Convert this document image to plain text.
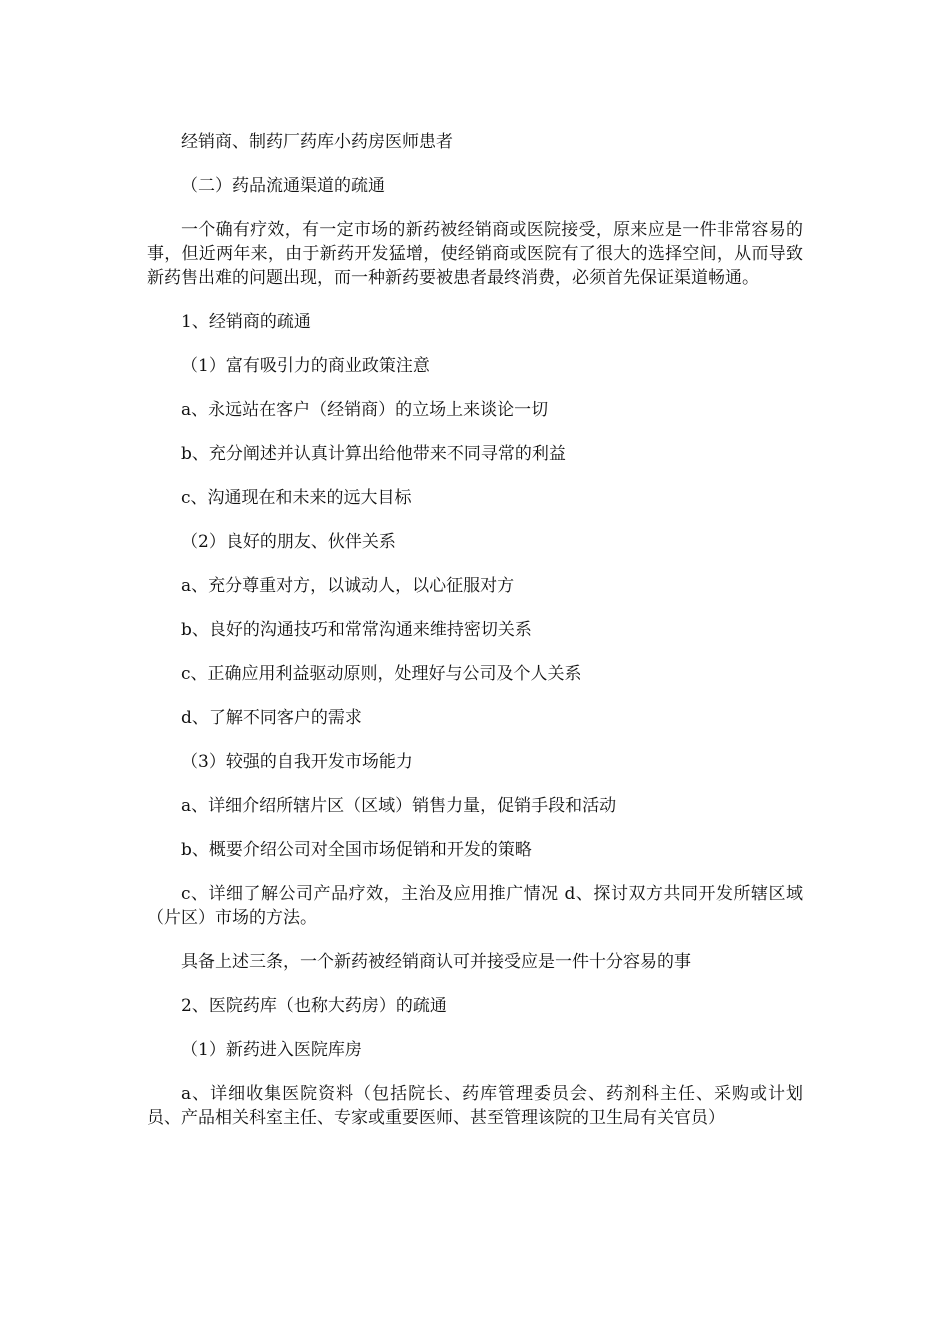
经销商、制药厂药库小药房医师患者

（二）药品流通渠道的疏通

一个确有疗效，有一定市场的新药被经销商或医院接受，原来应是一件非常容易的事，但近两年来，由于新药开发猛增，使经销商或医院有了很大的选择空间，从而导致新药售出难的问题出现，而一种新药要被患者最终消费，必须首先保证渠道畅通。

1、经销商的疏通

（1）富有吸引力的商业政策注意

a、永远站在客户（经销商）的立场上来谈论一切

b、充分阐述并认真计算出给他带来不同寻常的利益

c、沟通现在和未来的远大目标

（2）良好的朋友、伙伴关系

a、充分尊重对方，以诚动人，以心征服对方

b、良好的沟通技巧和常常沟通来维持密切关系

c、正确应用利益驱动原则，处理好与公司及个人关系

d、了解不同客户的需求

（3）较强的自我开发市场能力

a、详细介绍所辖片区（区域）销售力量，促销手段和活动

b、概要介绍公司对全国市场促销和开发的策略

c、详细了解公司产品疗效，主治及应用推广情况 d、探讨双方共同开发所辖区域（片区）市场的方法。

具备上述三条，一个新药被经销商认可并接受应是一件十分容易的事

2、医院药库（也称大药房）的疏通

（1）新药进入医院库房

a、详细收集医院资料（包括院长、药库管理委员会、药剂科主任、采购或计划员、产品相关科室主任、专家或重要医师、甚至管理该院的卫生局有关官员）
